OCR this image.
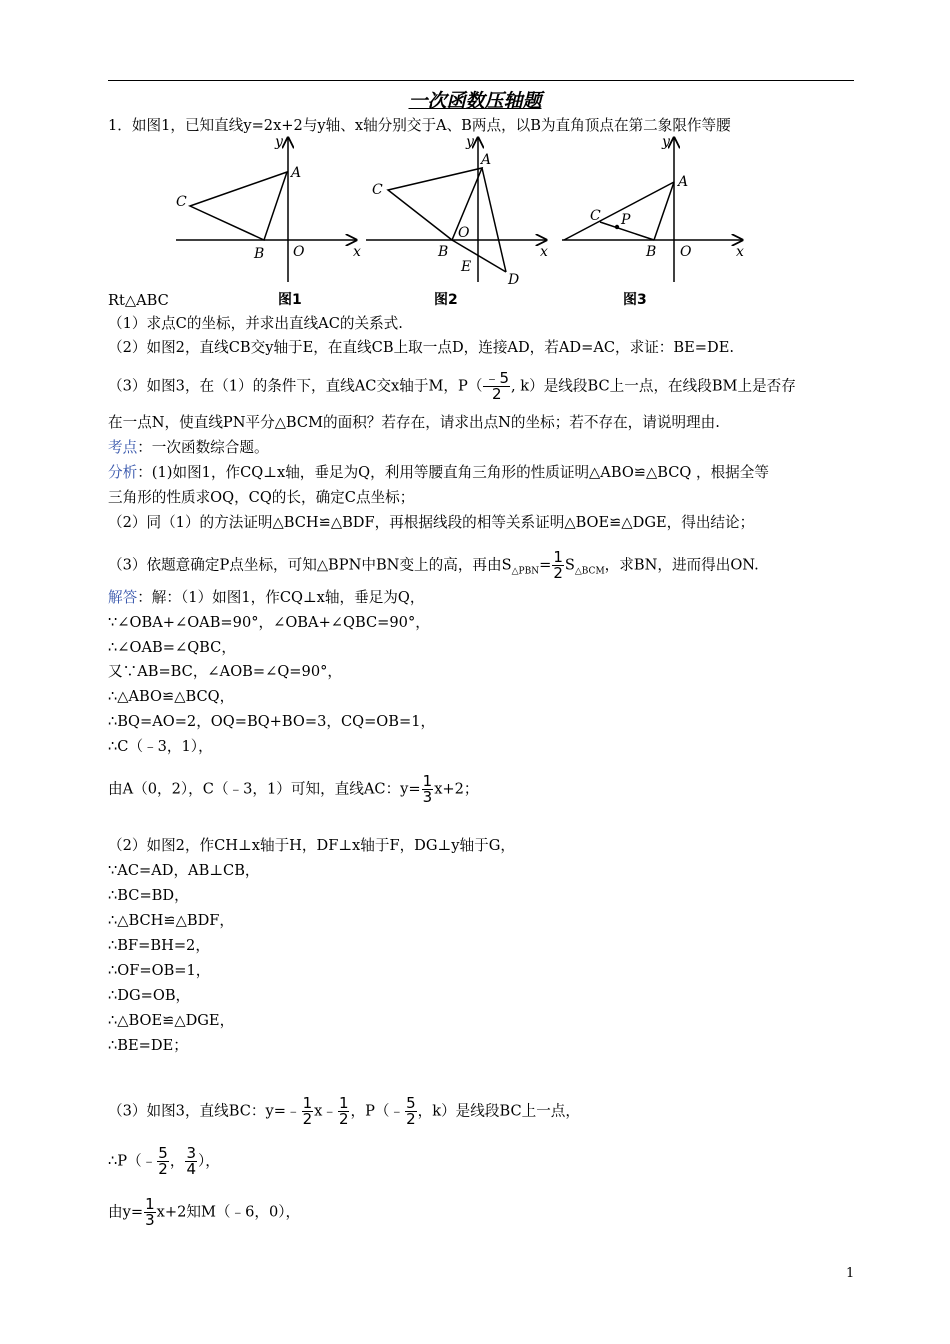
一次函数压轴题
1．如图1，已知直线y=2x+2与y轴、x轴分别交于A、B两点，以B为直角顶点在第二象限作等腰
y
x
A
B
C
O
图1
y
x
A
B
C
O
E
D
图2
y
x
A
B
C P
O
图3
Rt△ABC
（1）求点C的坐标，并求出直线AC的关系式.
（2）如图2，直线CB交y轴于E，在直线CB上取一点D，连接AD，若AD=AC，求证：BE=DE.
（3）如图3，在（1）的条件下，直线AC交x轴于M，$P( \frac{﹣5}{2}$ , k）是线段BC上一点，在线段BM上是否存
在一点N，使直线PN平分△BCM的面积？若存在，请求出点N的坐标；若不存在，请说明理由.
考点：一次函数综合题。
分析：(1)如图1，作CQ⊥x轴，垂足为Q，利用等腰直角三角形的性质证明△ABO≌△BCQ ，根据全等
三角形的性质求OQ，CQ的长，确定C点坐标；
（2）同（1）的方法证明△BCH≌△BDF，再根据线段的相等关系证明△BOE≌△DGE，得出结论；
（3）依题意确定P点坐标，可知△BPN中BN变上的高，再由$S_{\triangle PBN}= \frac{1}{2} S_{\triangle BCM}$，求BN，进而得出ON.
解答：解：（1）如图1，作CQ⊥x轴，垂足为Q，
∵∠OBA+∠OAB=90°，∠OBA+∠QBC=90°，
∴∠OAB=∠QBC，
又∵AB=BC，∠AOB=∠Q=90°，
∴△ABO≌△BCQ，
∴BQ=AO=2，OQ=BQ+BO=3，CQ=OB=1，
∴C（﹣3，1），
由A（0，2），C（﹣3，1）可知，直线AC：$y= \frac{1}{3} x+2$；
（2）如图2，作CH⊥x轴于H，DF⊥x轴于F，DG⊥y轴于G，
∵AC=AD，AB⊥CB，
∴BC=BD，
∴△BCH≌△BDF，
∴BF=BH=2，
∴OF=OB=1，
∴DG=OB，
∴△BOE≌△DGE，
∴BE=DE；
（3）如图3，直线BC：y=﹣ $\frac{1}{2}$ x﹣ $\frac{1}{2}$ ，P（﹣ $\frac{5}{2}$ ，k）是线段BC上一点，
∴P（﹣ $\frac{5}{2}$ ， $\frac{3}{4}$ ），
由$y= \frac{1}{3} x+2$知M（﹣6，0），
1
